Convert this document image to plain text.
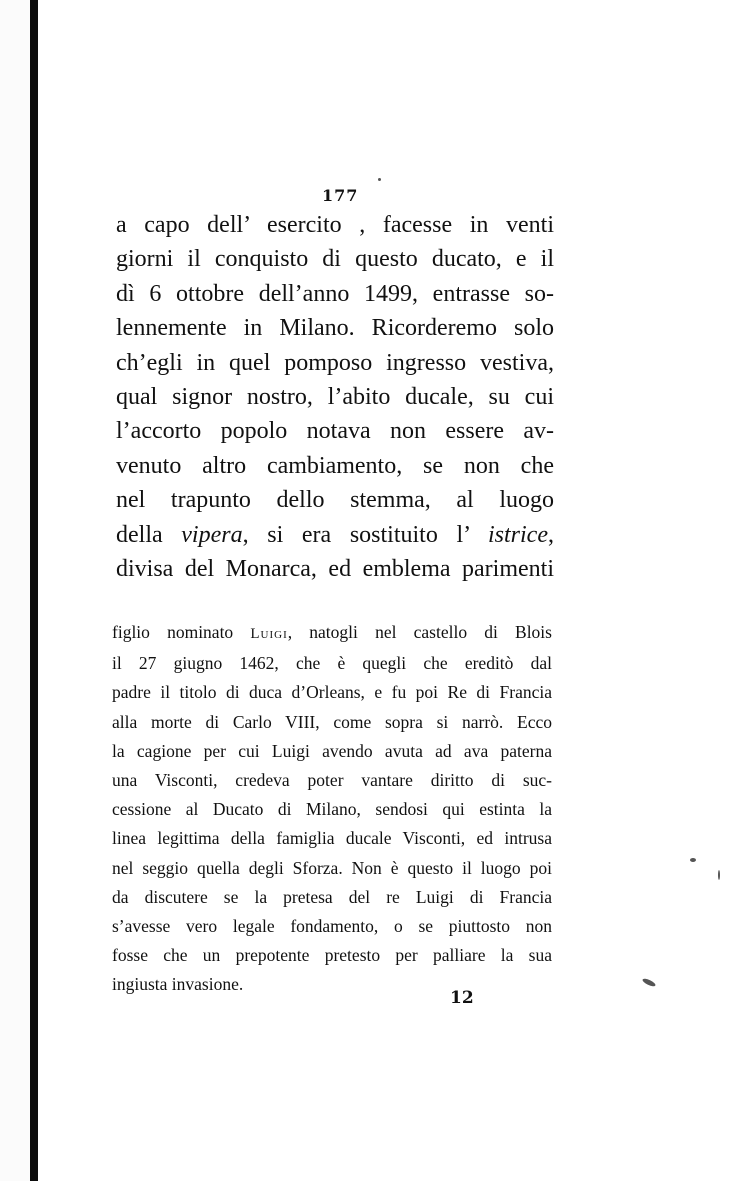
177
a capo dell’ esercito , facesse in venti
giorni il conquisto di questo ducato, e il
dì 6 ottobre dell’anno 1499, entrasse so-
lennemente in Milano. Ricorderemo solo
ch’egli in quel pomposo ingresso vestiva,
qual signor nostro, l’abito ducale, su cui
l’accorto popolo notava non essere av-
venuto altro cambiamento, se non che
nel trapunto dello stemma, al luogo
della vipera, si era sostituito l’ istrice,
divisa del Monarca, ed emblema parimenti
figlio nominato Luigi, natogli nel castello di Blois
il 27 giugno 1462, che è quegli che ereditò dal
padre il titolo di duca d’Orleans, e fu poi Re di Francia
alla morte di Carlo VIII, come sopra si narrò. Ecco
la cagione per cui Luigi avendo avuta ad ava paterna
una Visconti, credeva poter vantare diritto di suc-
cessione al Ducato di Milano, sendosi qui estinta la
linea legittima della famiglia ducale Visconti, ed intrusa
nel seggio quella degli Sforza. Non è questo il luogo poi
da discutere se la pretesa del re Luigi di Francia
s’avesse vero legale fondamento, o se piuttosto non
fosse che un prepotente pretesto per palliare la sua
ingiusta invasione.
12
